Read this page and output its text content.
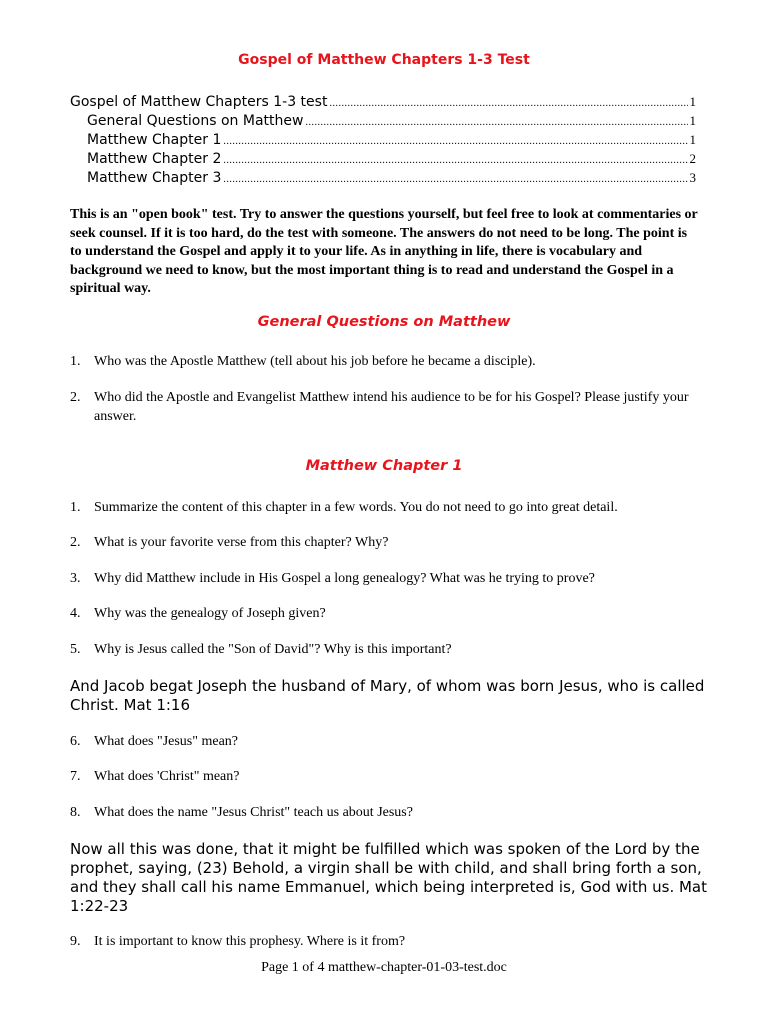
Gospel of Matthew Chapters 1-3 Test
Gospel of Matthew Chapters 1-3 test .....	1
General Questions on Matthew .....	1
Matthew Chapter 1 .....	1
Matthew Chapter 2 .....	2
Matthew Chapter 3 .....	3

This is an "open book" test. Try to answer the questions yourself, but feel free to look at commentaries or seek counsel. If it is too hard, do the test with someone. The answers do not need to be long. The point is to understand the Gospel and apply it to your life. As in anything in life, there is vocabulary and background we need to know, but the most important thing is to read and understand the Gospel in a spiritual way.

General Questions on Matthew
1. Who was the Apostle Matthew (tell about his job before he became a disciple).
2. Who did the Apostle and Evangelist Matthew intend his audience to be for his Gospel? Please justify your answer.
Matthew Chapter 1
1. Summarize the content of this chapter in a few words. You do not need to go into great detail.
2. What is your favorite verse from this chapter? Why?
3. Why did Matthew include in His Gospel a long genealogy? What was he trying to prove?
4. Why was the genealogy of Joseph given?
5. Why is Jesus called the "Son of David"? Why is this important?

And Jacob begat Joseph the husband of Mary, of whom was born Jesus, who is called Christ. Mat 1:16

6. What does "Jesus" mean?
7. What does 'Christ" mean?
8. What does the name "Jesus Christ" teach us about Jesus?

Now all this was done, that it might be fulfilled which was spoken of the Lord by the prophet, saying, (23) Behold, a virgin shall be with child, and shall bring forth a son, and they shall call his name Emmanuel, which being interpreted is, God with us. Mat 1:22-23

9. It is important to know this prophesy. Where is it from?
Page 1 of 4 matthew-chapter-01-03-test.doc
